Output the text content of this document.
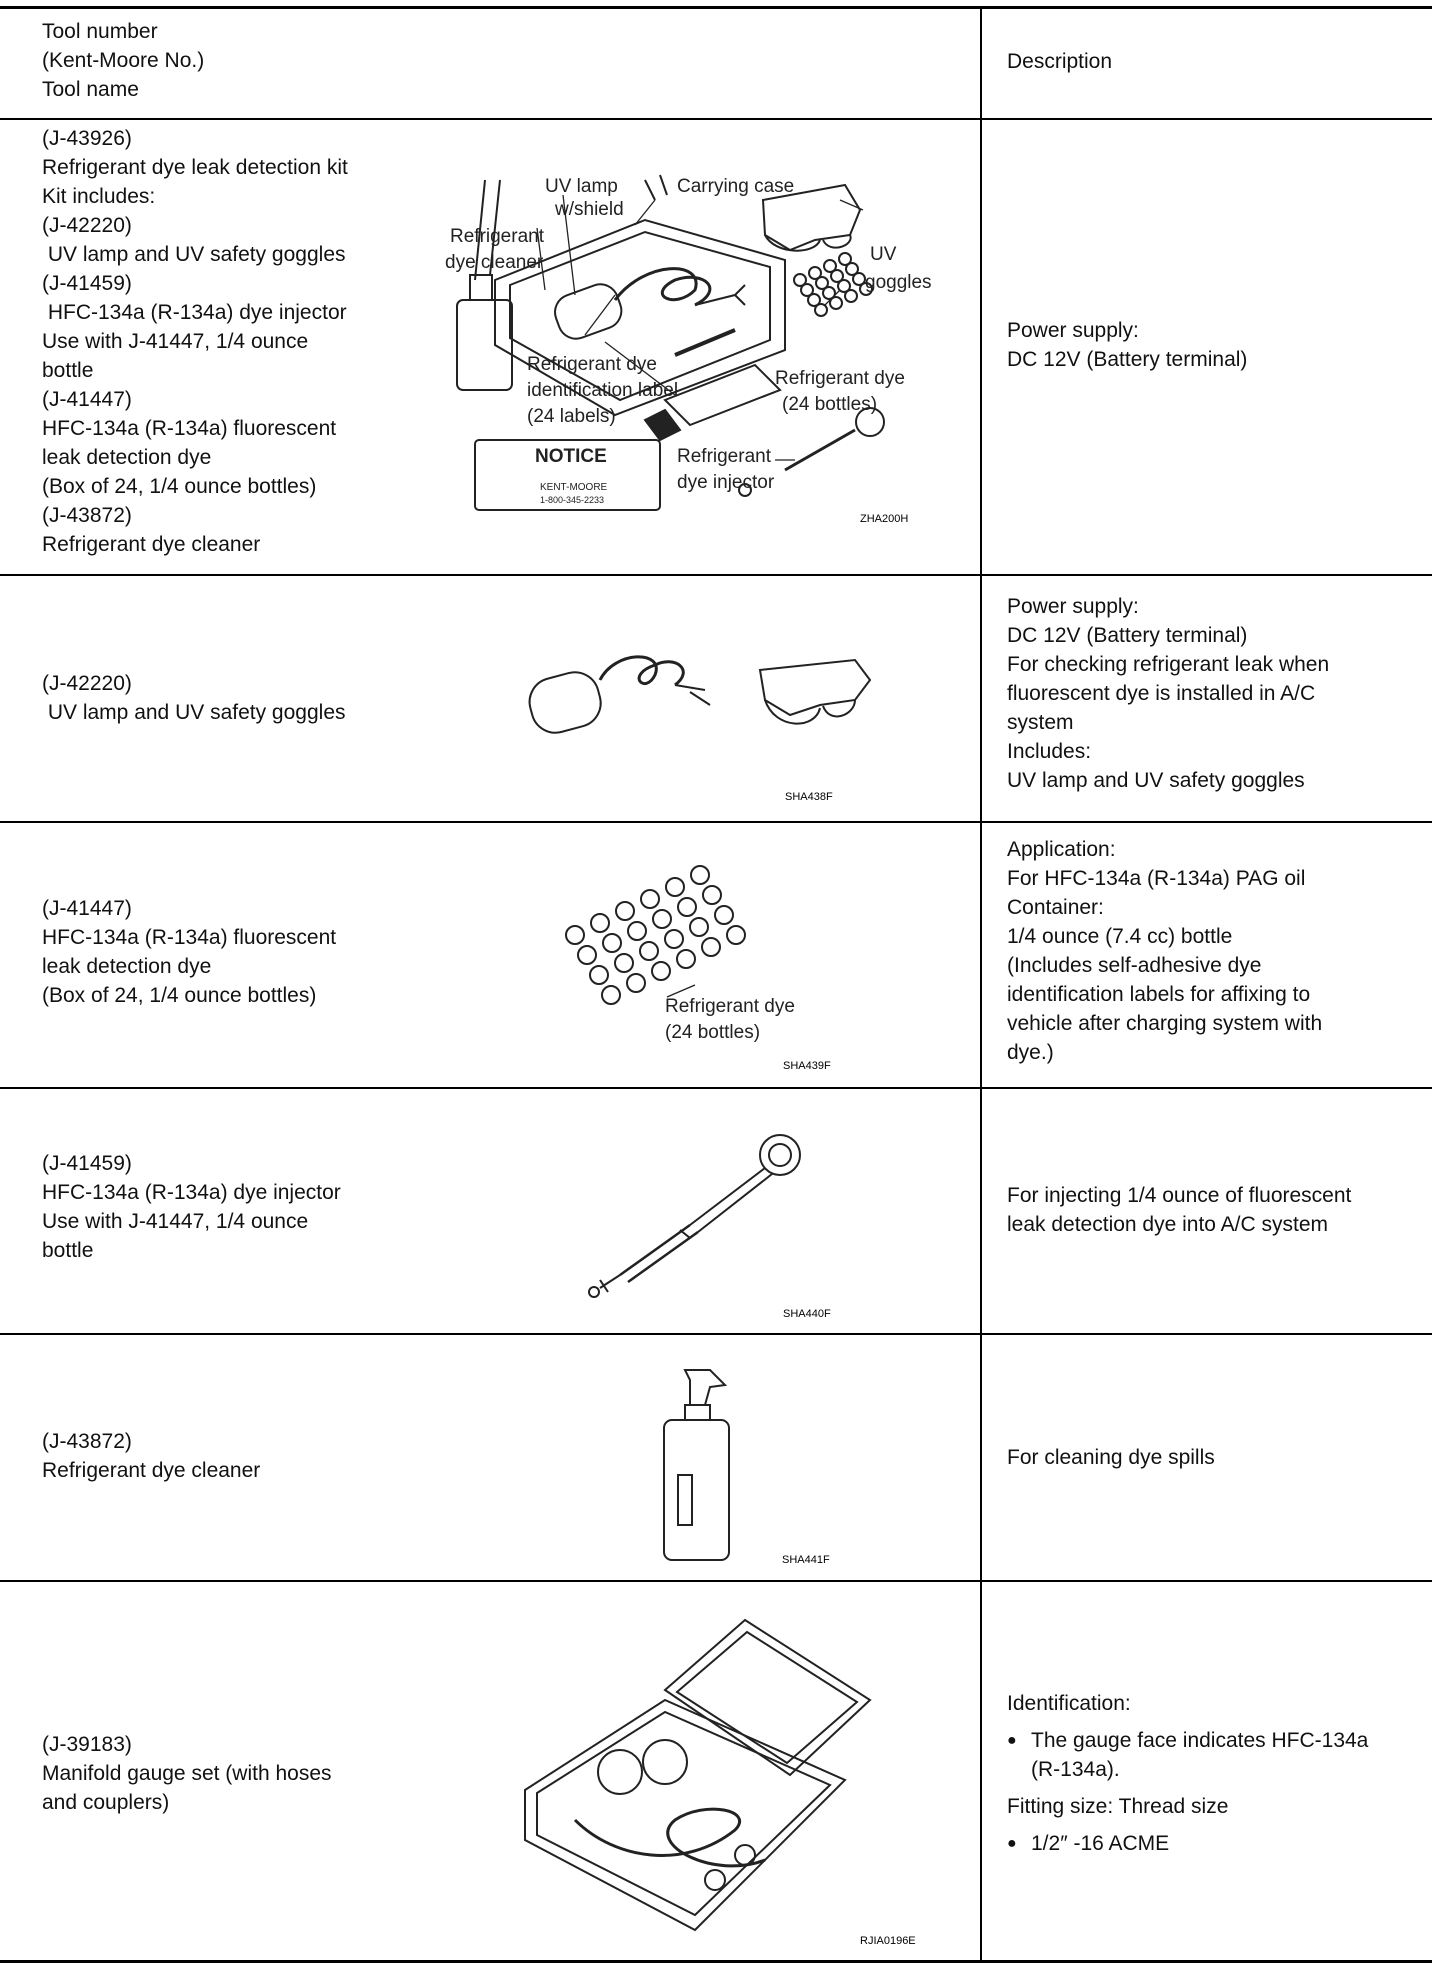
Tool number
(Kent-Moore No.)
Tool name
Description
(J-43926)
Refrigerant dye leak detection kit
Kit includes:
(J-42220)
UV lamp and UV safety goggles
(J-41459)
HFC-134a (R-134a) dye injector
Use with J-41447, 1/4 ounce
bottle
(J-41447)
HFC-134a (R-134a) fluorescent
leak detection dye
(Box of 24, 1/4 ounce bottles)
(J-43872)
Refrigerant dye cleaner
UV lamp
w/shield
Carrying case
Refrigerant
dye cleaner	UV
goggles
Refrigerant dye
identification label
(24 labels)
Refrigerant dye
(24 bottles)
Refrigerant
dye injector
NOTICE
KENT-MOORE
1-800-345-2233
ZHA200H
Power supply:
DC 12V (Battery terminal)
(J-42220)
UV lamp and UV safety goggles
SHA438F
Power supply:
DC 12V (Battery terminal)
For checking refrigerant leak when
fluorescent dye is installed in A/C
system
Includes:
UV lamp and UV safety goggles
(J-41447)
HFC-134a (R-134a) fluorescent
leak detection dye
(Box of 24, 1/4 ounce bottles)	Refrigerant dye
(24 bottles)
SHA439F
Application:
For HFC-134a (R-134a) PAG oil
Container:
1/4 ounce (7.4 cc) bottle
(Includes self-adhesive dye
identification labels for affixing to
vehicle after charging system with
dye.)
(J-41459)
HFC-134a (R-134a) dye injector
Use with J-41447, 1/4 ounce
bottle
SHA440F
For injecting 1/4 ounce of fluorescent
leak detection dye into A/C system
(J-43872)
Refrigerant dye cleaner
SHA441F
For cleaning dye spills
(J-39183)
Manifold gauge set (with hoses
and couplers)
RJIA0196E
Identification:
● The gauge face indicates HFC-134a
(R-134a).
Fitting size: Thread size
● 1/2″ -16 ACME
